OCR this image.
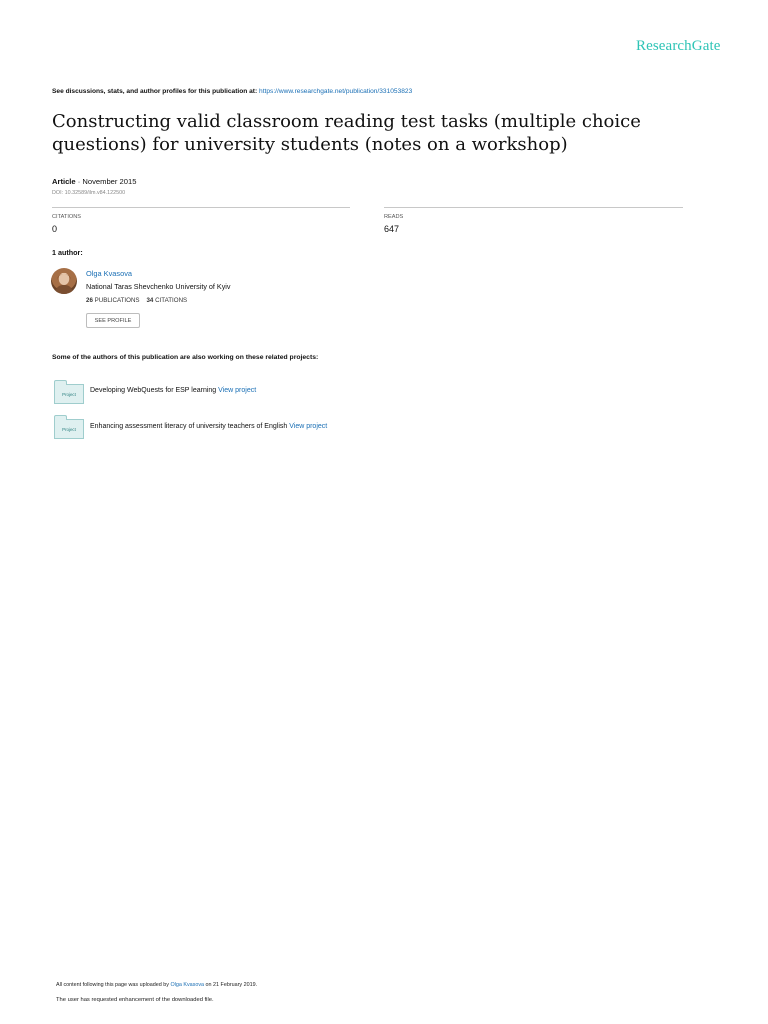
ResearchGate
See discussions, stats, and author profiles for this publication at: https://www.researchgate.net/publication/331053823
Constructing valid classroom reading test tasks (multiple choice questions) for university students (notes on a workshop)
Article · November 2015
DOI: 10.32589/ilm.v84.122500
CITATIONS
0
READS
647
1 author:
Olga Kvasova
National Taras Shevchenko University of Kyiv
26 PUBLICATIONS 34 CITATIONS
SEE PROFILE
Some of the authors of this publication are also working on these related projects:
Project
Developing WebQuests for ESP learning View project
Project	Enhancing assessment literacy of university teachers of English View project
All content following this page was uploaded by Olga Kvasova on 21 February 2019.
The user has requested enhancement of the downloaded file.
